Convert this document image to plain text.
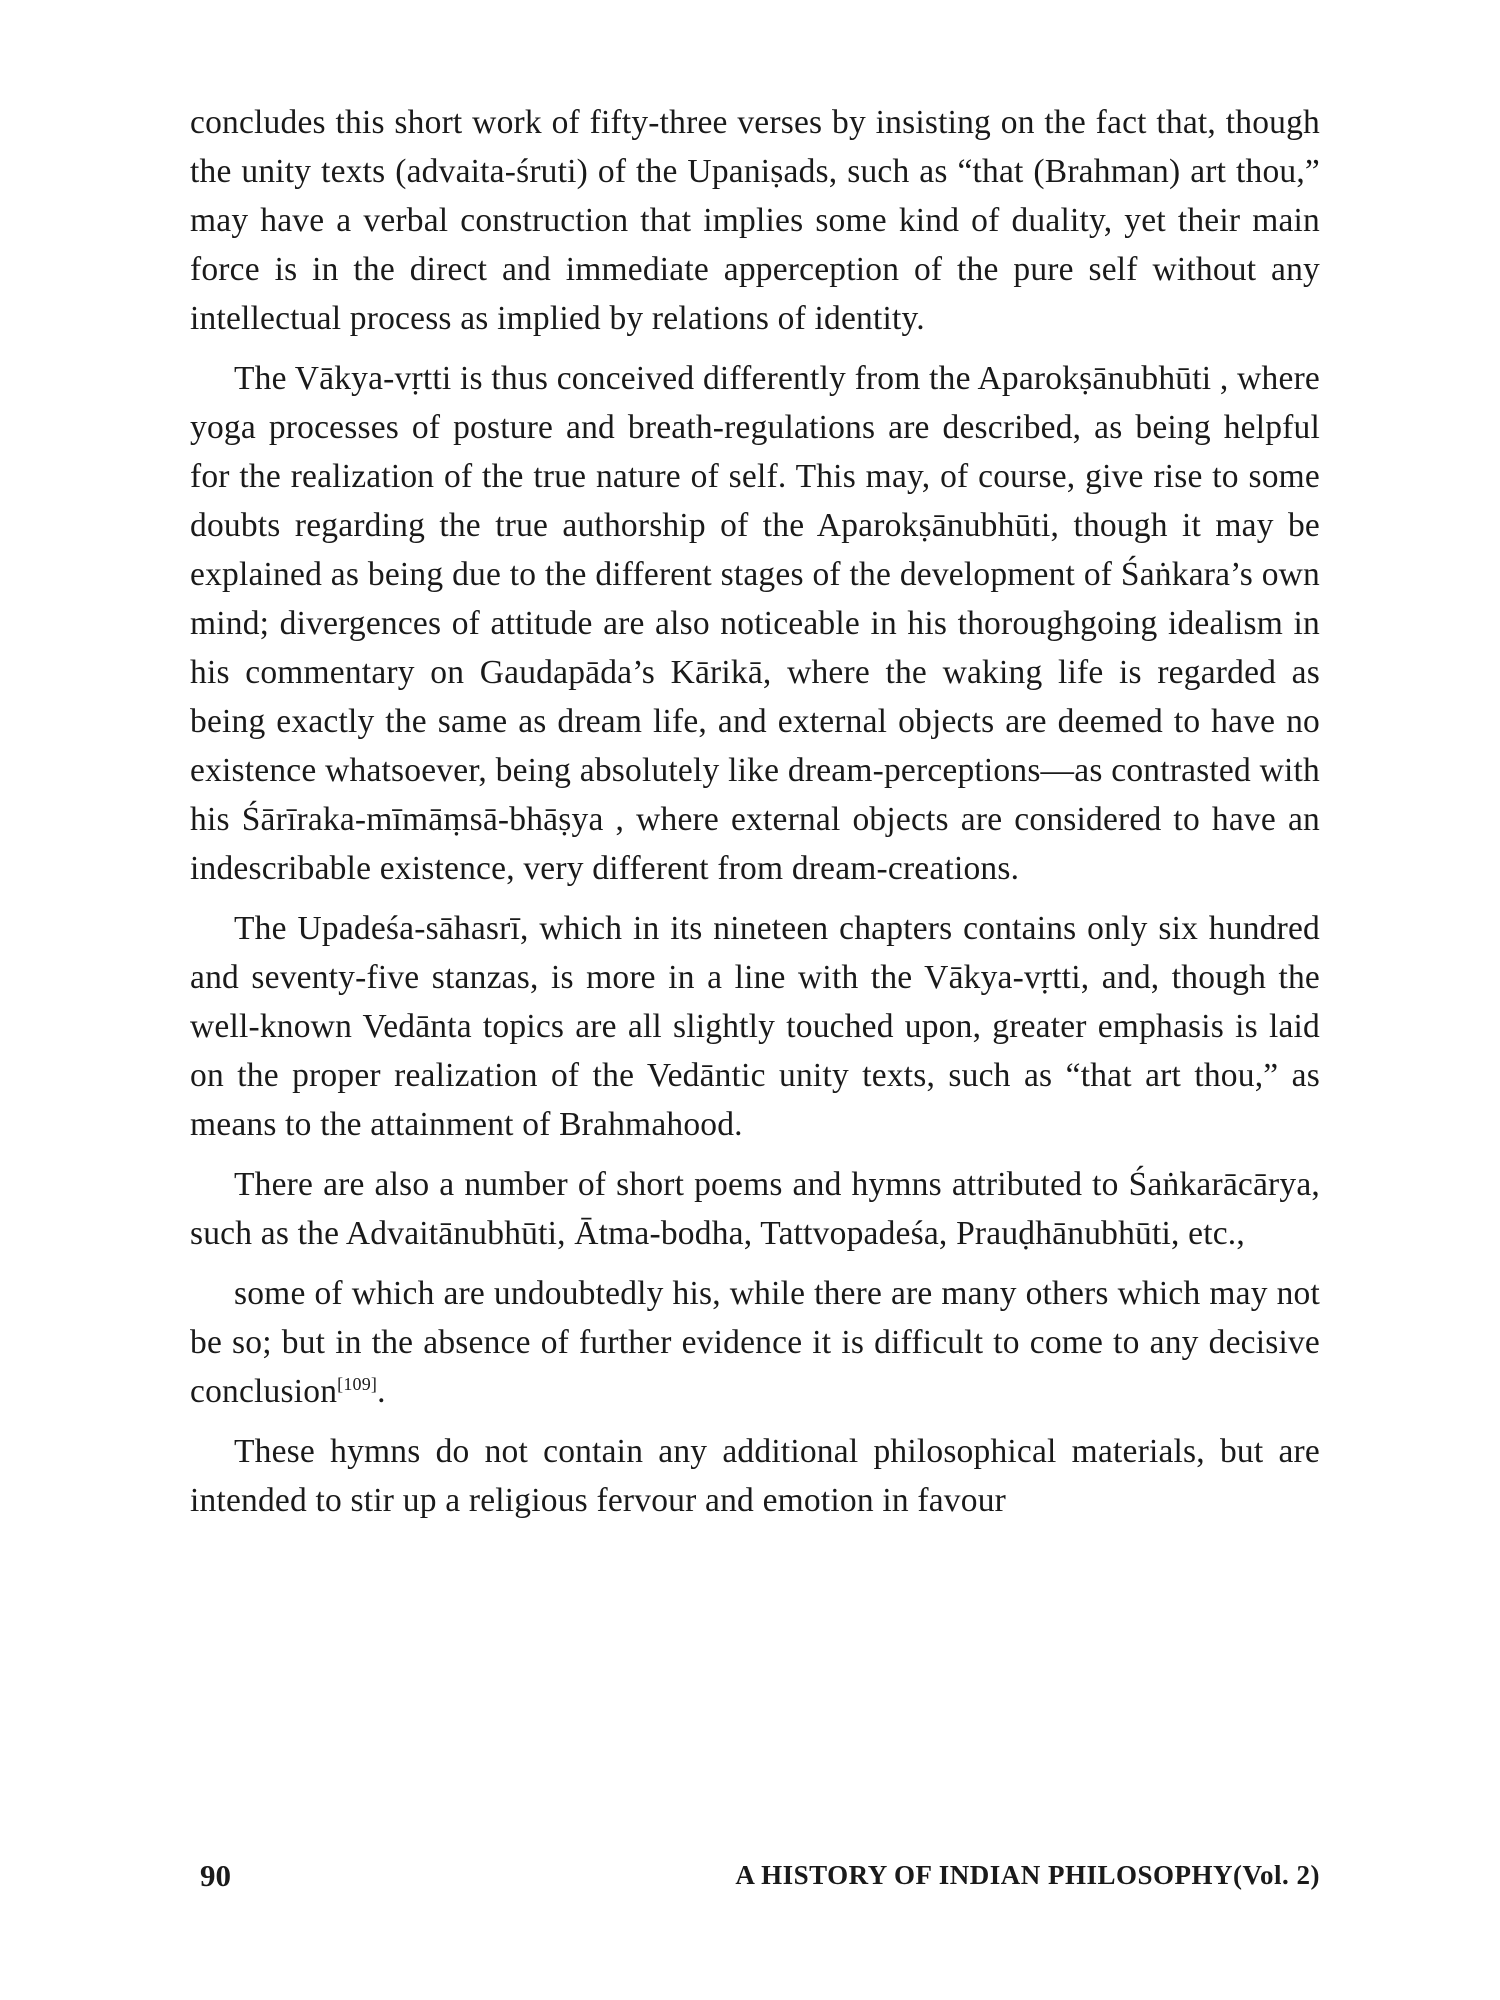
concludes this short work of fifty-three verses by insisting on the fact that, though the unity texts (advaita-śruti) of the Upaniṣads, such as “that (Brahman) art thou,” may have a verbal construction that implies some kind of duality, yet their main force is in the direct and immediate apperception of the pure self without any intellectual process as implied by relations of identity.

The Vākya-vṛtti is thus conceived differently from the Aparokṣānubhūti , where yoga processes of posture and breath-regulations are described, as being helpful for the realization of the true nature of self. This may, of course, give rise to some doubts regarding the true authorship of the Aparokṣānubhūti, though it may be explained as being due to the different stages of the development of Śaṅkara’s own mind; divergences of attitude are also noticeable in his thoroughgoing idealism in his commentary on Gaudapāda’s Kārikā, where the waking life is regarded as being exactly the same as dream life, and external objects are deemed to have no existence whatsoever, being absolutely like dream-perceptions—as contrasted with his Śārīraka-mīmāṃsā-bhāṣya , where external objects are considered to have an indescribable existence, very different from dream-creations.

The Upadeśa-sāhasrī, which in its nineteen chapters contains only six hundred and seventy-five stanzas, is more in a line with the Vākya-vṛtti, and, though the well-known Vedānta topics are all slightly touched upon, greater emphasis is laid on the proper realization of the Vedāntic unity texts, such as “that art thou,” as means to the attainment of Brahmahood.

There are also a number of short poems and hymns attributed to Śaṅkarācārya, such as the Advaitānubhūti, Ātma-bodha, Tattvopadeśa, Prauḍhānubhūti, etc.,

some of which are undoubtedly his, while there are many others which may not be so; but in the absence of further evidence it is difficult to come to any decisive conclusion[109].

These hymns do not contain any additional philosophical materials, but are intended to stir up a religious fervour and emotion in favour

90	A HISTORY OF INDIAN PHILOSOPHY(Vol. 2)
